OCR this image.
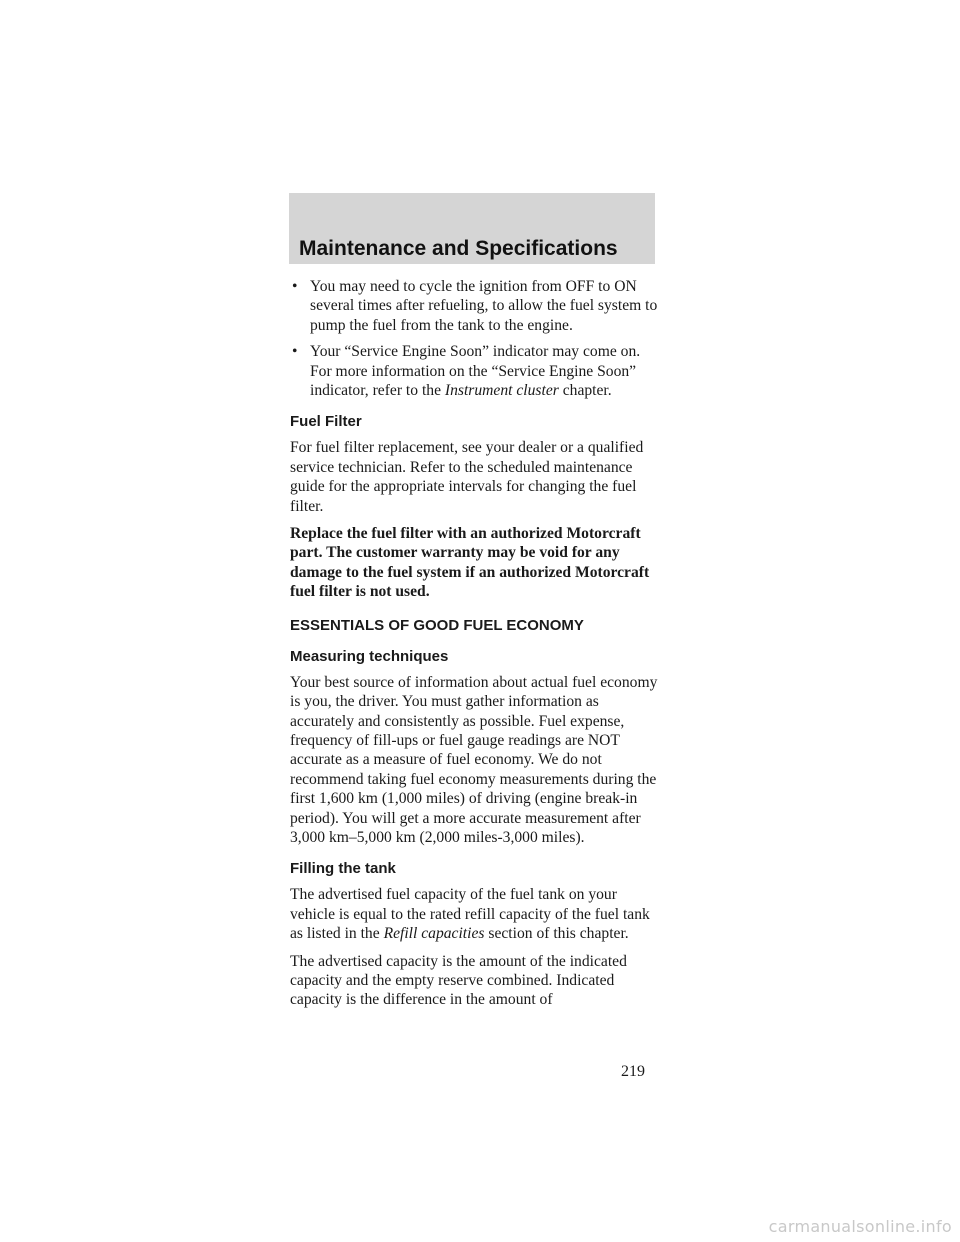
Maintenance and Specifications
• You may need to cycle the ignition from OFF to ON several times after refueling, to allow the fuel system to pump the fuel from the tank to the engine.
• Your “Service Engine Soon” indicator may come on. For more information on the “Service Engine Soon” indicator, refer to the Instrument cluster chapter.
Fuel Filter

For fuel filter replacement, see your dealer or a qualified service technician. Refer to the scheduled maintenance guide for the appropriate intervals for changing the fuel filter.

Replace the fuel filter with an authorized Motorcraft part. The customer warranty may be void for any damage to the fuel system if an authorized Motorcraft fuel filter is not used.

ESSENTIALS OF GOOD FUEL ECONOMY
Measuring techniques

Your best source of information about actual fuel economy is you, the driver. You must gather information as accurately and consistently as possible. Fuel expense, frequency of fill-ups or fuel gauge readings are NOT accurate as a measure of fuel economy. We do not recommend taking fuel economy measurements during the first 1,600 km (1,000 miles) of driving (engine break-in period). You will get a more accurate measurement after 3,000 km–5,000 km (2,000 miles-3,000 miles).

Filling the tank

The advertised fuel capacity of the fuel tank on your vehicle is equal to the rated refill capacity of the fuel tank as listed in the Refill capacities section of this chapter.

The advertised capacity is the amount of the indicated capacity and the empty reserve combined. Indicated capacity is the difference in the amount of

219
carmanualsonline.info
